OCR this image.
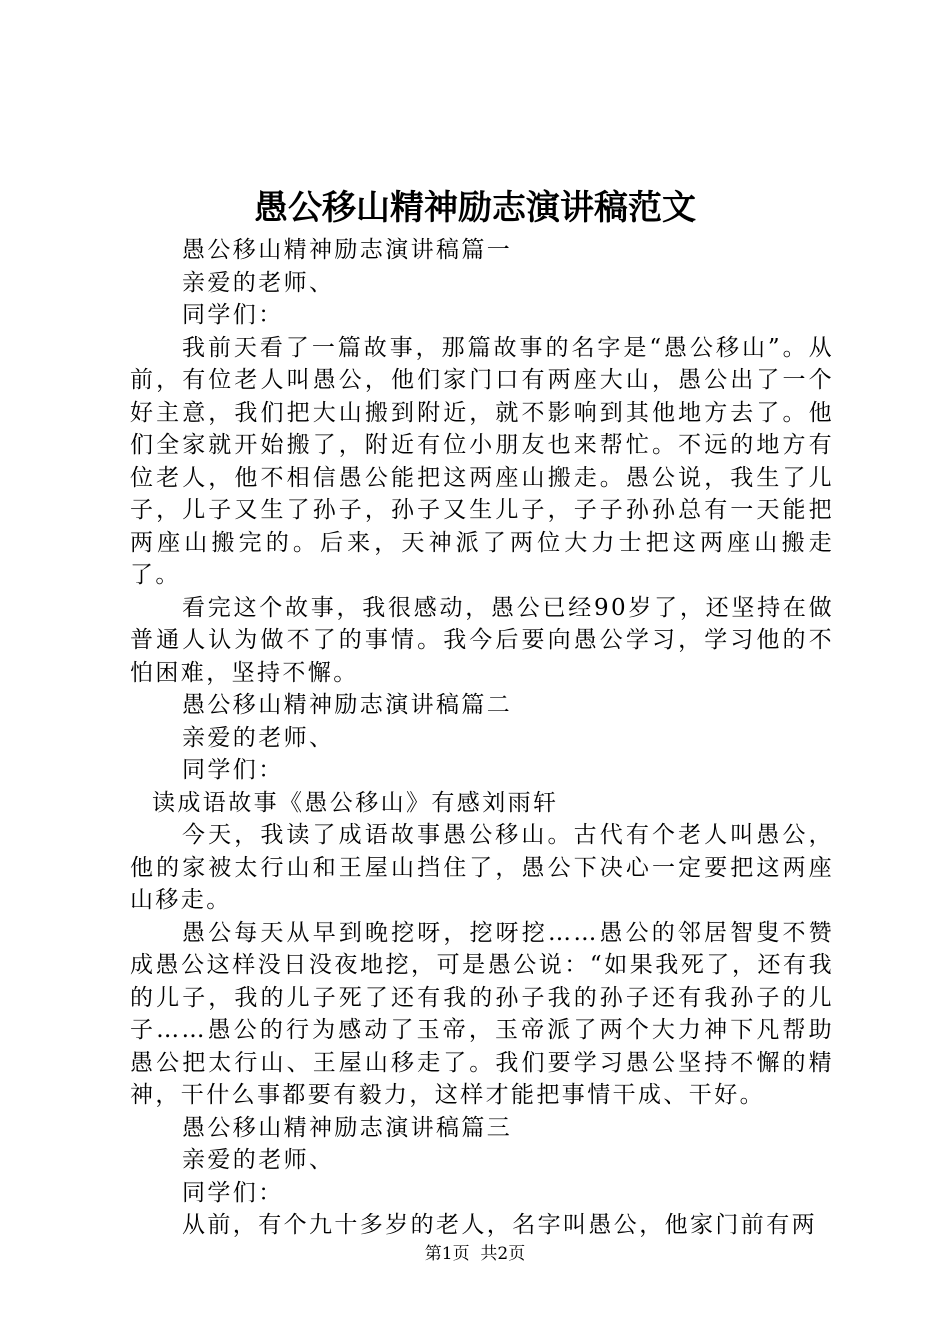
愚公移山精神励志演讲稿范文

愚公移山精神励志演讲稿篇一

亲爱的老师、

同学们：

我前天看了一篇故事，那篇故事的名字是“愚公移山”。从前，有位老人叫愚公，他们家门口有两座大山，愚公出了一个好主意，我们把大山搬到附近，就不影响到其他地方去了。他们全家就开始搬了，附近有位小朋友也来帮忙。不远的地方有位老人，他不相信愚公能把这两座山搬走。愚公说，我生了儿子，儿子又生了孙子，孙子又生儿子，子子孙孙总有一天能把两座山搬完的。后来，天神派了两位大力士把这两座山搬走了。

看完这个故事，我很感动，愚公已经90岁了，还坚持在做普通人认为做不了的事情。我今后要向愚公学习，学习他的不怕困难，坚持不懈。

愚公移山精神励志演讲稿篇二

亲爱的老师、

同学们：

读成语故事《愚公移山》有感刘雨轩

今天，我读了成语故事愚公移山。古代有个老人叫愚公，他的家被太行山和王屋山挡住了，愚公下决心一定要把这两座山移走。

愚公每天从早到晚挖呀，挖呀挖……愚公的邻居智叟不赞成愚公这样没日没夜地挖，可是愚公说：“如果我死了，还有我的儿子，我的儿子死了还有我的孙子我的孙子还有我孙子的儿子……愚公的行为感动了玉帝，玉帝派了两个大力神下凡帮助愚公把太行山、王屋山移走了。我们要学习愚公坚持不懈的精神，干什么事都要有毅力，这样才能把事情干成、干好。

愚公移山精神励志演讲稿篇三

亲爱的老师、

同学们：

从前，有个九十多岁的老人，名字叫愚公，他家门前有两

第1页 共2页
